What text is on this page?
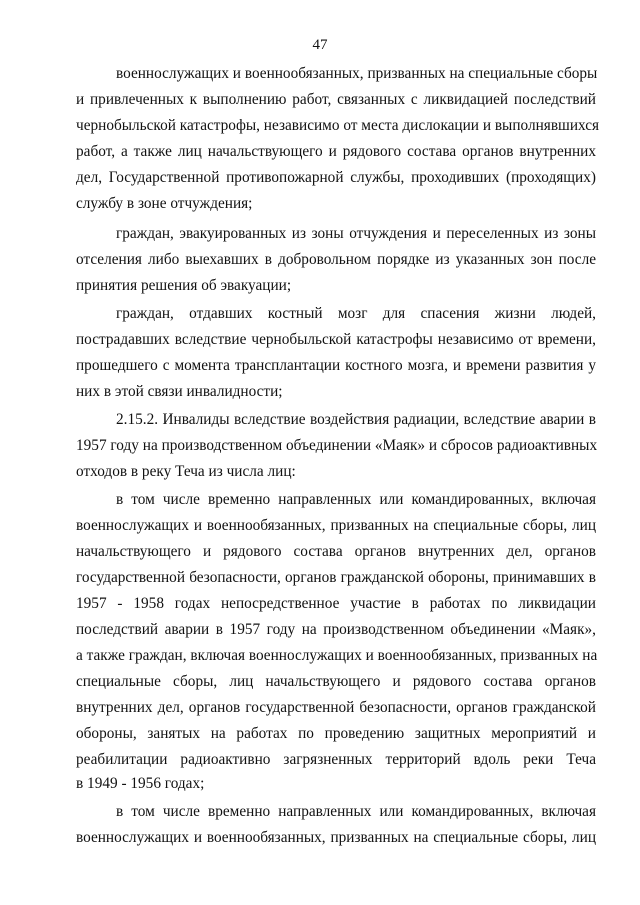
47
военнослужащих и военнообязанных, призванных на специальные сборы
и привлеченных к выполнению работ, связанных с ликвидацией последствий
чернобыльской катастрофы, независимо от места дислокации и выполнявшихся
работ, а также лиц начальствующего и рядового состава органов внутренних
дел, Государственной противопожарной службы, проходивших (проходящих)
службу в зоне отчуждения;
граждан, эвакуированных из зоны отчуждения и переселенных из зоны
отселения либо выехавших в добровольном порядке из указанных зон после
принятия решения об эвакуации;
граждан, отдавших костный мозг для спасения жизни людей,
пострадавших вследствие чернобыльской катастрофы независимо от времени,
прошедшего с момента трансплантации костного мозга, и времени развития у
них в этой связи инвалидности;
2.15.2. Инвалиды вследствие воздействия радиации, вследствие аварии в
1957 году на производственном объединении «Маяк» и сбросов радиоактивных
отходов в реку Теча из числа лиц:
в том числе временно направленных или командированных, включая
военнослужащих и военнообязанных, призванных на специальные сборы, лиц
начальствующего и рядового состава органов внутренних дел, органов
государственной безопасности, органов гражданской обороны, принимавших в
1957 - 1958 годах непосредственное участие в работах по ликвидации
последствий аварии в 1957 году на производственном объединении «Маяк»,
а также граждан, включая военнослужащих и военнообязанных, призванных на
специальные сборы, лиц начальствующего и рядового состава органов
внутренних дел, органов государственной безопасности, органов гражданской
обороны, занятых на работах по проведению защитных мероприятий и
реабилитации радиоактивно загрязненных территорий вдоль реки Теча
в 1949 - 1956 годах;
в том числе временно направленных или командированных, включая
военнослужащих и военнообязанных, призванных на специальные сборы, лиц
